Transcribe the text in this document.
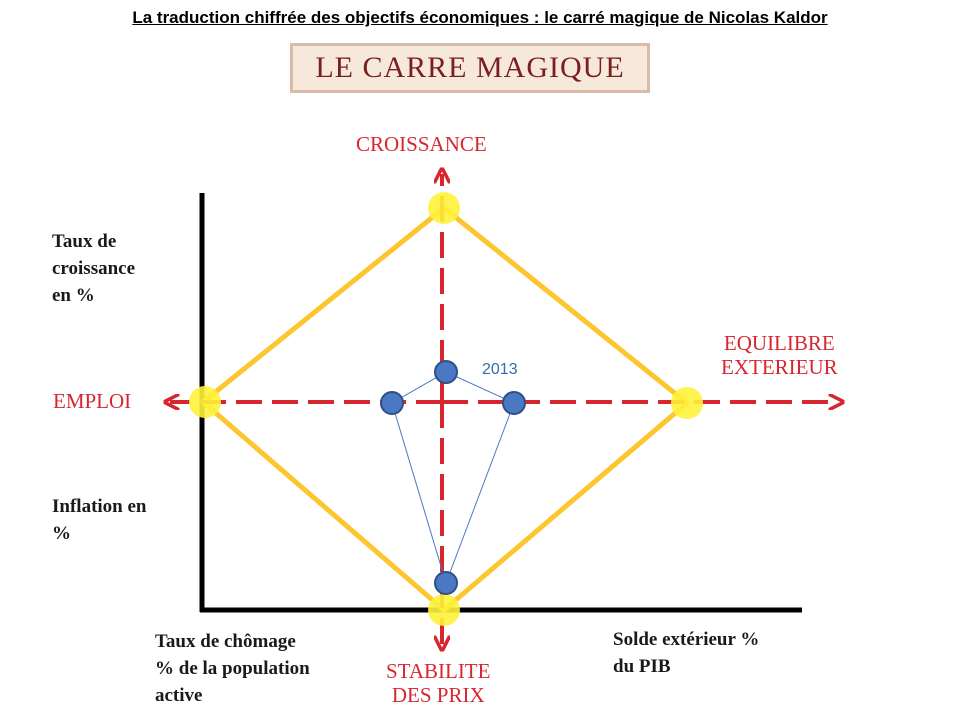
La traduction chiffrée des objectifs économiques : le carré magique de Nicolas Kaldor
LE CARRE MAGIQUE
2013
Taux de
croissance
en %
Inflation en
%
Taux de chômage
% de la population
active
Solde extérieur %
du PIB
CROISSANCE
EMPLOI
EQUILIBRE
EXTERIEUR
STABILITE
DES PRIX
